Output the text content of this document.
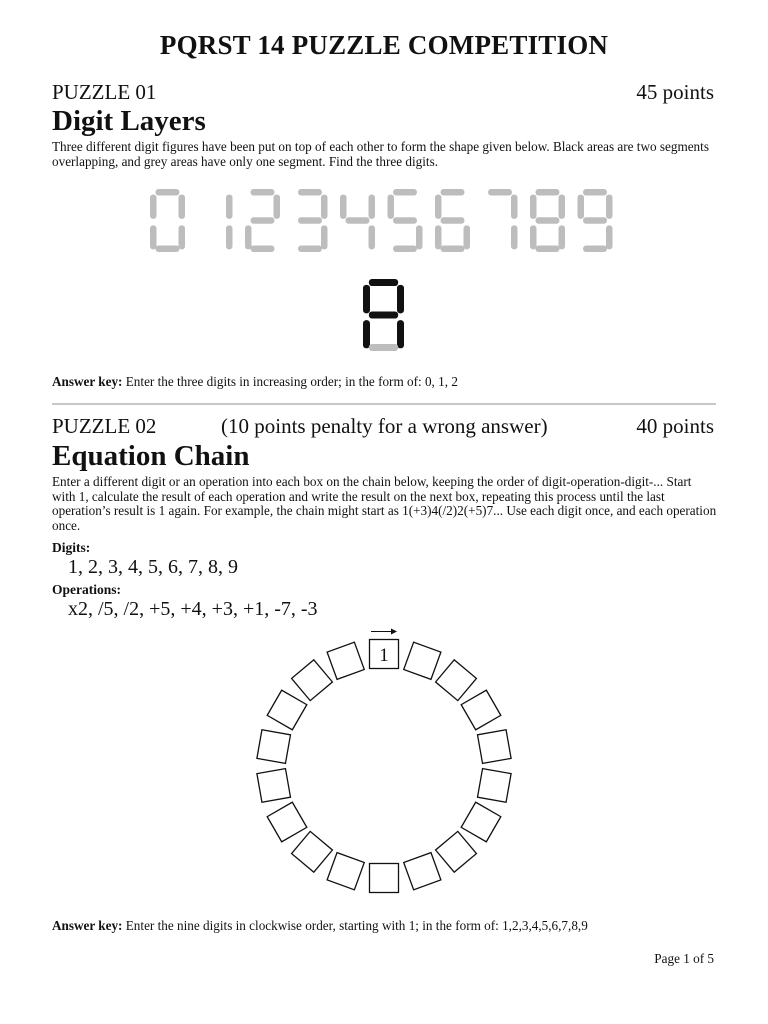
PQRST 14 PUZZLE COMPETITION
PUZZLE 01	45 points
Digit Layers
Three different digit figures have been put on top of each other to form the shape given below. Black areas are two segments overlapping, and grey areas have only one segment. Find the three digits.
Answer key: Enter the three digits in increasing order; in the form of: 0, 1, 2
PUZZLE 02	(10 points penalty for a wrong answer)	40 points
Equation Chain
Enter a different digit or an operation into each box on the chain below, keeping the order of digit-operation-digit-... Start with 1, calculate the result of each operation and write the result on the next box, repeating this process until the last operation’s result is 1 again. For example, the chain might start as 1(+3)4(/2)2(+5)7... Use each digit once, and each operation once.
Digits:
1, 2, 3, 4, 5, 6, 7, 8, 9
Operations:
x2, /5, /2, +5, +4, +3, +1, -7, -3
1
Answer key: Enter the nine digits in clockwise order, starting with 1; in the form of: 1,2,3,4,5,6,7,8,9
Page 1 of 5
